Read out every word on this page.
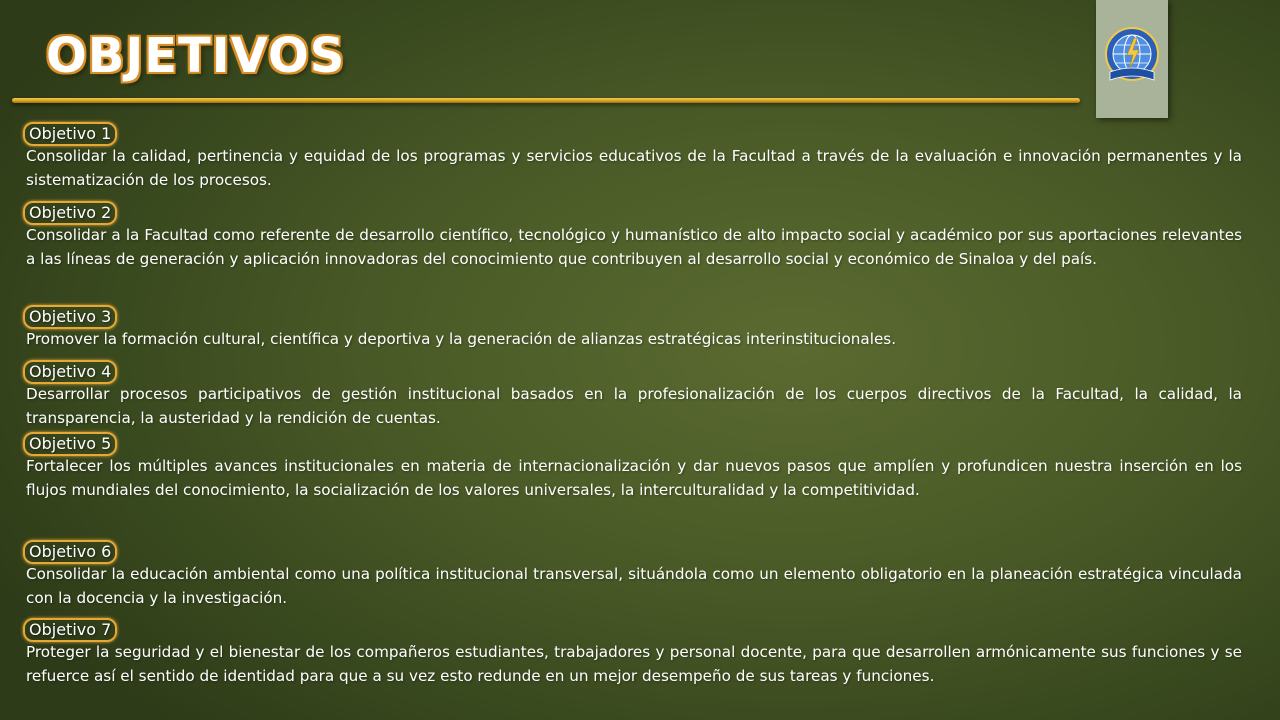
OBJETIVOS
Objetivo 1

Consolidar la calidad, pertinencia y equidad de los programas y servicios educativos de la Facultad a través de la evaluación e innovación permanentes y la sistematización de los procesos.

Objetivo 2

Consolidar a la Facultad como referente de desarrollo científico, tecnológico y humanístico de alto impacto social y académico por sus aportaciones relevantes a las líneas de generación y aplicación innovadoras del conocimiento que contribuyen al desarrollo social y económico de Sinaloa y del país.

Objetivo 3

Promover la formación cultural, científica y deportiva y la generación de alianzas estratégicas interinstitucionales.

Objetivo 4

Desarrollar procesos participativos de gestión institucional basados en la profesionalización de los cuerpos directivos de la Facultad, la calidad, la transparencia, la austeridad y la rendición de cuentas.

Objetivo 5

Fortalecer los múltiples avances institucionales en materia de internacionalización y dar nuevos pasos que amplíen y profundicen nuestra inserción en los flujos mundiales del conocimiento, la socialización de los valores universales, la interculturalidad y la competitividad.

Objetivo 6

Consolidar la educación ambiental como una política institucional transversal, situándola como un elemento obligatorio en la planeación estratégica vinculada con la docencia y la investigación.

Objetivo 7

Proteger la seguridad y el bienestar de los compañeros estudiantes, trabajadores y personal docente, para que desarrollen armónicamente sus funciones y se refuerce así el sentido de identidad para que a su vez esto redunde en un mejor desempeño de sus tareas y funciones.
